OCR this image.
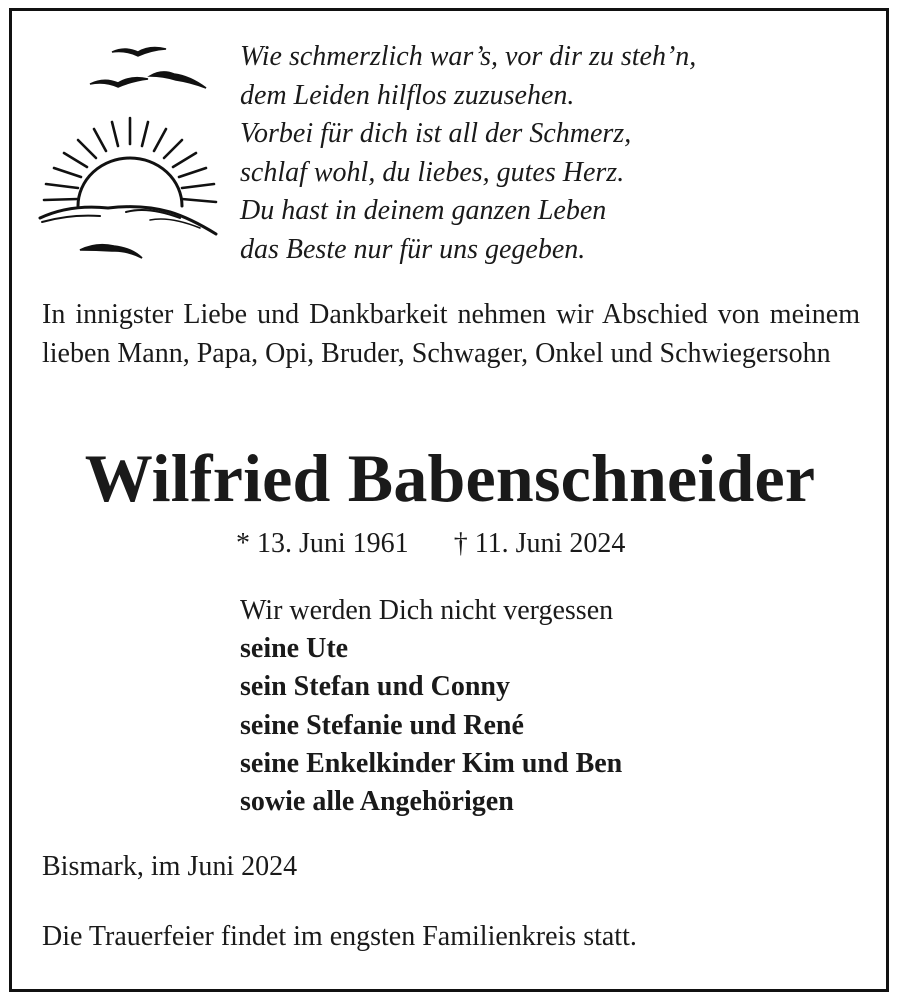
Wie schmerzlich war’s, vor dir zu steh’n,
dem Leiden hilflos zuzusehen.
Vorbei für dich ist all der Schmerz,
schlaf wohl, du liebes, gutes Herz.
Du hast in deinem ganzen Leben
das Beste nur für uns gegeben.
In innigster Liebe und Dankbarkeit nehmen wir Abschied von meinem lieben Mann, Papa, Opi, Bruder, Schwager, Onkel und Schwiegersohn
Wilfried Babenschneider
* 13. Juni 1961 † 11. Juni 2024
Wir werden Dich nicht vergessen
seine Ute
sein Stefan und Conny
seine Stefanie und René
seine Enkelkinder Kim und Ben
sowie alle Angehörigen
Bismark, im Juni 2024
Die Trauerfeier findet im engsten Familienkreis statt.
